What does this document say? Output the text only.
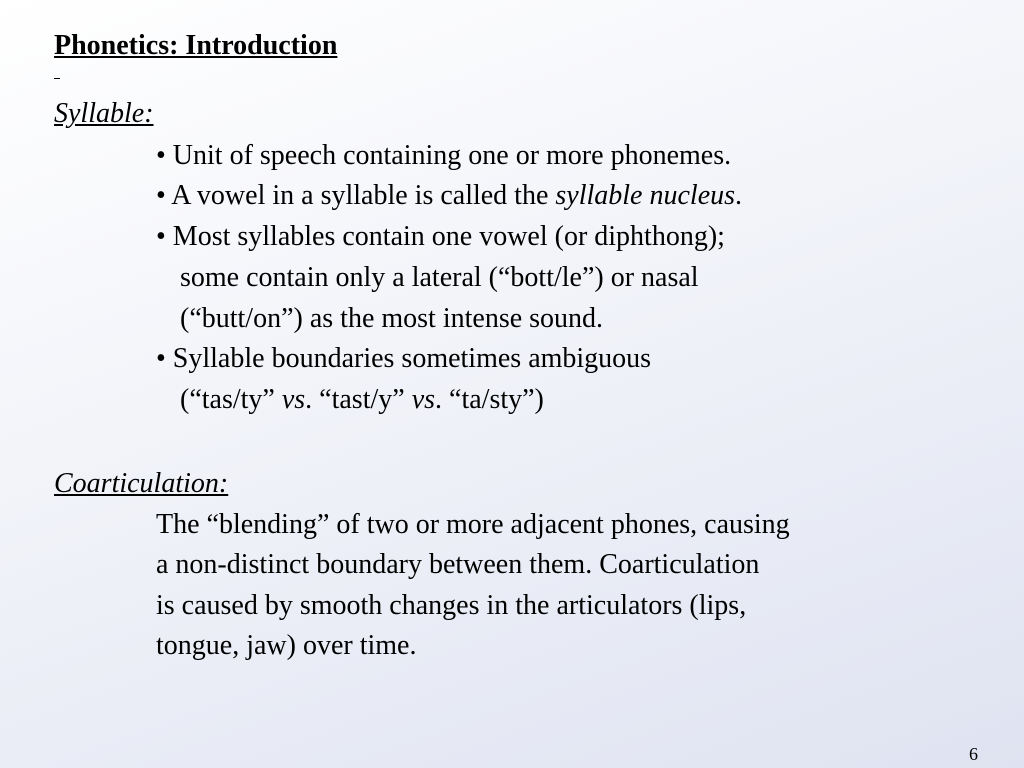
Phonetics: Introduction
Syllable:
• Unit of speech containing one or more phonemes.
• A vowel in a syllable is called the syllable nucleus.
• Most syllables contain one vowel (or diphthong);
some contain only a lateral (“bott/le”) or nasal
(“butt/on”) as the most intense sound.
• Syllable boundaries sometimes ambiguous
(“tas/ty” vs. “tast/y” vs. “ta/sty”)
Coarticulation:
The “blending” of two or more adjacent phones, causing
a non-distinct boundary between them. Coarticulation
is caused by smooth changes in the articulators (lips,
tongue, jaw) over time.
6
